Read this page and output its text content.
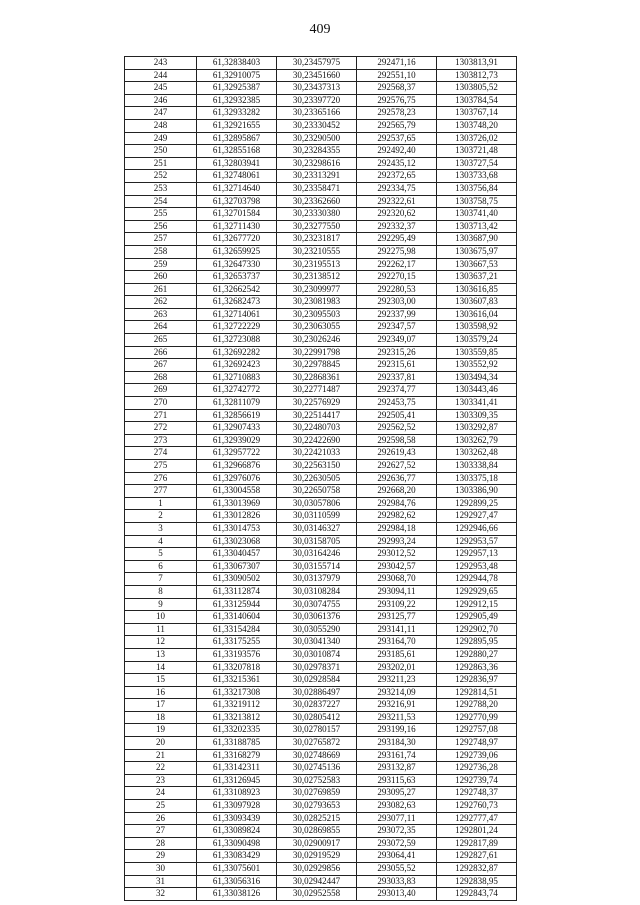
409
243	61,32838403	30,23457975	292471,16	1303813,91
244	61,32910075	30,23451660	292551,10	1303812,73
245	61,32925387	30,23437313	292568,37	1303805,52
246	61,32932385	30,23397720	292576,75	1303784,54
247	61,32933282	30,23365166	292578,23	1303767,14
248	61,32921655	30,23330452	292565,79	1303748,20
249	61,32895867	30,23290500	292537,65	1303726,02
250	61,32855168	30,23284355	292492,40	1303721,48
251	61,32803941	30,23298616	292435,12	1303727,54
252	61,32748061	30,23313291	292372,65	1303733,68
253	61,32714640	30,23358471	292334,75	1303756,84
254	61,32703798	30,23362660	292322,61	1303758,75
255	61,32701584	30,23330380	292320,62	1303741,40
256	61,32711430	30,23277550	292332,37	1303713,42
257	61,32677720	30,23231817	292295,49	1303687,90
258	61,32659925	30,23210555	292275,98	1303675,97
259	61,32647330	30,23195513	292262,17	1303667,53
260	61,32653737	30,23138512	292270,15	1303637,21
261	61,32662542	30,23099977	292280,53	1303616,85
262	61,32682473	30,23081983	292303,00	1303607,83
263	61,32714061	30,23095503	292337,99	1303616,04
264	61,32722229	30,23063055	292347,57	1303598,92
265	61,32723088	30,23026246	292349,07	1303579,24
266	61,32692282	30,22991798	292315,26	1303559,85
267	61,32692423	30,22978845	292315,61	1303552,92
268	61,32710883	30,22868361	292337,81	1303494,34
269	61,32742772	30,22771487	292374,77	1303443,46
270	61,32811079	30,22576929	292453,75	1303341,41
271	61,32856619	30,22514417	292505,41	1303309,35
272	61,32907433	30,22480703	292562,52	1303292,87
273	61,32939029	30,22422690	292598,58	1303262,79
274	61,32957722	30,22421033	292619,43	1303262,48
275	61,32966876	30,22563150	292627,52	1303338,84
276	61,32976076	30,22630505	292636,77	1303375,18
277	61,33004558	30,22650758	292668,20	1303386,90
1	61,33013969	30,03057806	292984,76	1292899,25
2	61,33012826	30,03110599	292982,62	1292927,47
3	61,33014753	30,03146327	292984,18	1292946,66
4	61,33023068	30,03158705	292993,24	1292953,57
5	61,33040457	30,03164246	293012,52	1292957,13
6	61,33067307	30,03155714	293042,57	1292953,48
7	61,33090502	30,03137979	293068,70	1292944,78
8	61,33112874	30,03108284	293094,11	1292929,65
9	61,33125944	30,03074755	293109,22	1292912,15
10	61,33140604	30,03061376	293125,77	1292905,49
11	61,33154284	30,03055290	293141,11	1292902,70
12	61,33175255	30,03041340	293164,70	1292895,95
13	61,33193576	30,03010874	293185,61	1292880,27
14	61,33207818	30,02978371	293202,01	1292863,36
15	61,33215361	30,02928584	293211,23	1292836,97
16	61,33217308	30,02886497	293214,09	1292814,51
17	61,33219112	30,02837227	293216,91	1292788,20
18	61,33213812	30,02805412	293211,53	1292770,99
19	61,33202335	30,02780157	293199,16	1292757,08
20	61,33188785	30,02765872	293184,30	1292748,97
21	61,33168279	30,02748669	293161,74	1292739,06
22	61,33142311	30,02745136	293132,87	1292736,28
23	61,33126945	30,02752583	293115,63	1292739,74
24	61,33108923	30,02769859	293095,27	1292748,37
25	61,33097928	30,02793653	293082,63	1292760,73
26	61,33093439	30,02825215	293077,11	1292777,47
27	61,33089824	30,02869855	293072,35	1292801,24
28	61,33090498	30,02900917	293072,59	1292817,89
29	61,33083429	30,02919529	293064,41	1292827,61
30	61,33075601	30,02929856	293055,52	1292832,87
31	61,33056316	30,02942447	293033,83	1292838,95
32	61,33038126	30,02952558	293013,40	1292843,74
